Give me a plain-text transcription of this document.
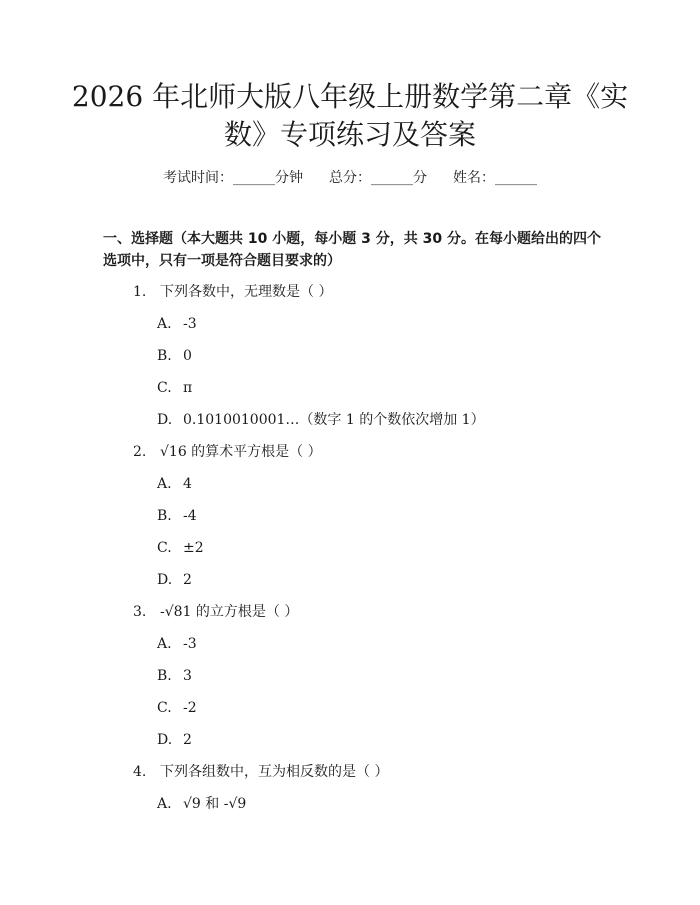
2026 年北师大版八年级上册数学第二章《实
数》专项练习及答案
考试时间：______分钟 总分：______分 姓名：______
一、选择题（本大题共 10 小题，每小题 3 分，共 30 分。在每小题给出的四个选项中，只有一项是符合题目要求的）
1. 下列各数中，无理数是（ ）
A. -3
B. 0
C. π
D. 0.1010010001…（数字 1 的个数依次增加 1）
2. √16 的算术平方根是（ ）
A. 4
B. -4
C. ±2
D. 2
3. -√81 的立方根是（ ）
A. -3
B. 3
C. -2
D. 2
4. 下列各组数中，互为相反数的是（ ）
A. √9 和 -√9
